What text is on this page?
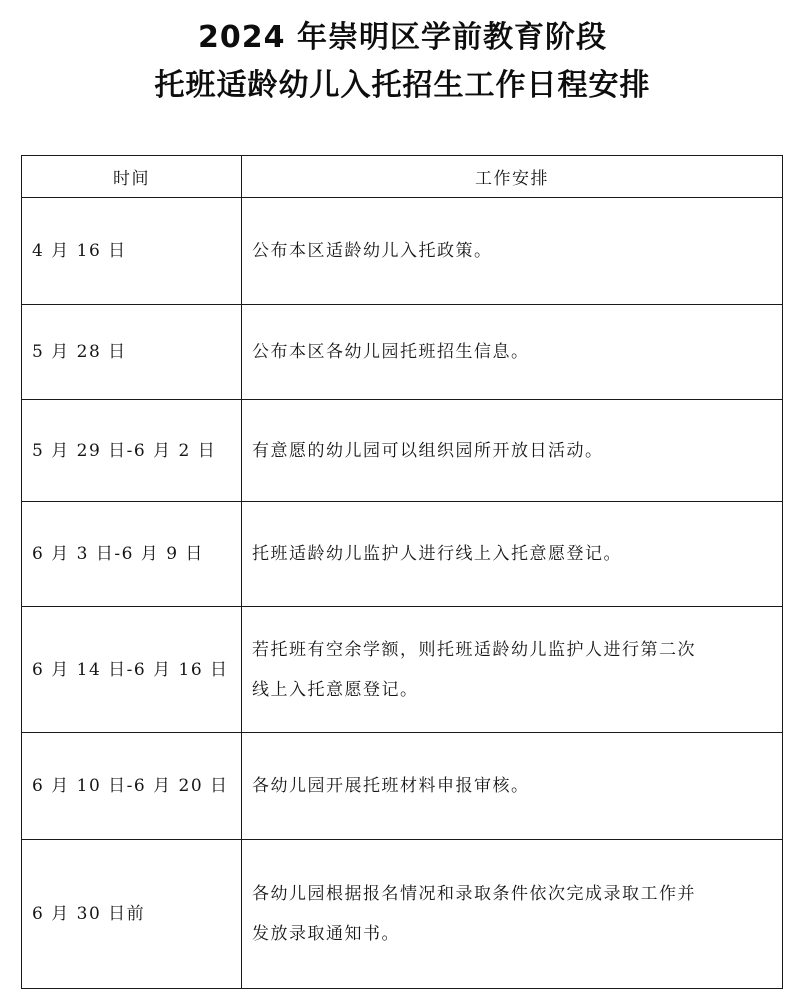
2024 年崇明区学前教育阶段
托班适龄幼儿入托招生工作日程安排
时间	工作安排
4 月 16 日	公布本区适龄幼儿入托政策。

5 月 28 日	公布本区各幼儿园托班招生信息。

5 月 29 日-6 月 2 日	有意愿的幼儿园可以组织园所开放日活动。

6 月 3 日-6 月 9 日	托班适龄幼儿监护人进行线上入托意愿登记。

6 月 14 日-6 月 16 日	若托班有空余学额，则托班适龄幼儿监护人进行第二次
线上入托意愿登记。

6 月 10 日-6 月 20 日	各幼儿园开展托班材料申报审核。

6 月 30 日前	各幼儿园根据报名情况和录取条件依次完成录取工作并
发放录取通知书。
